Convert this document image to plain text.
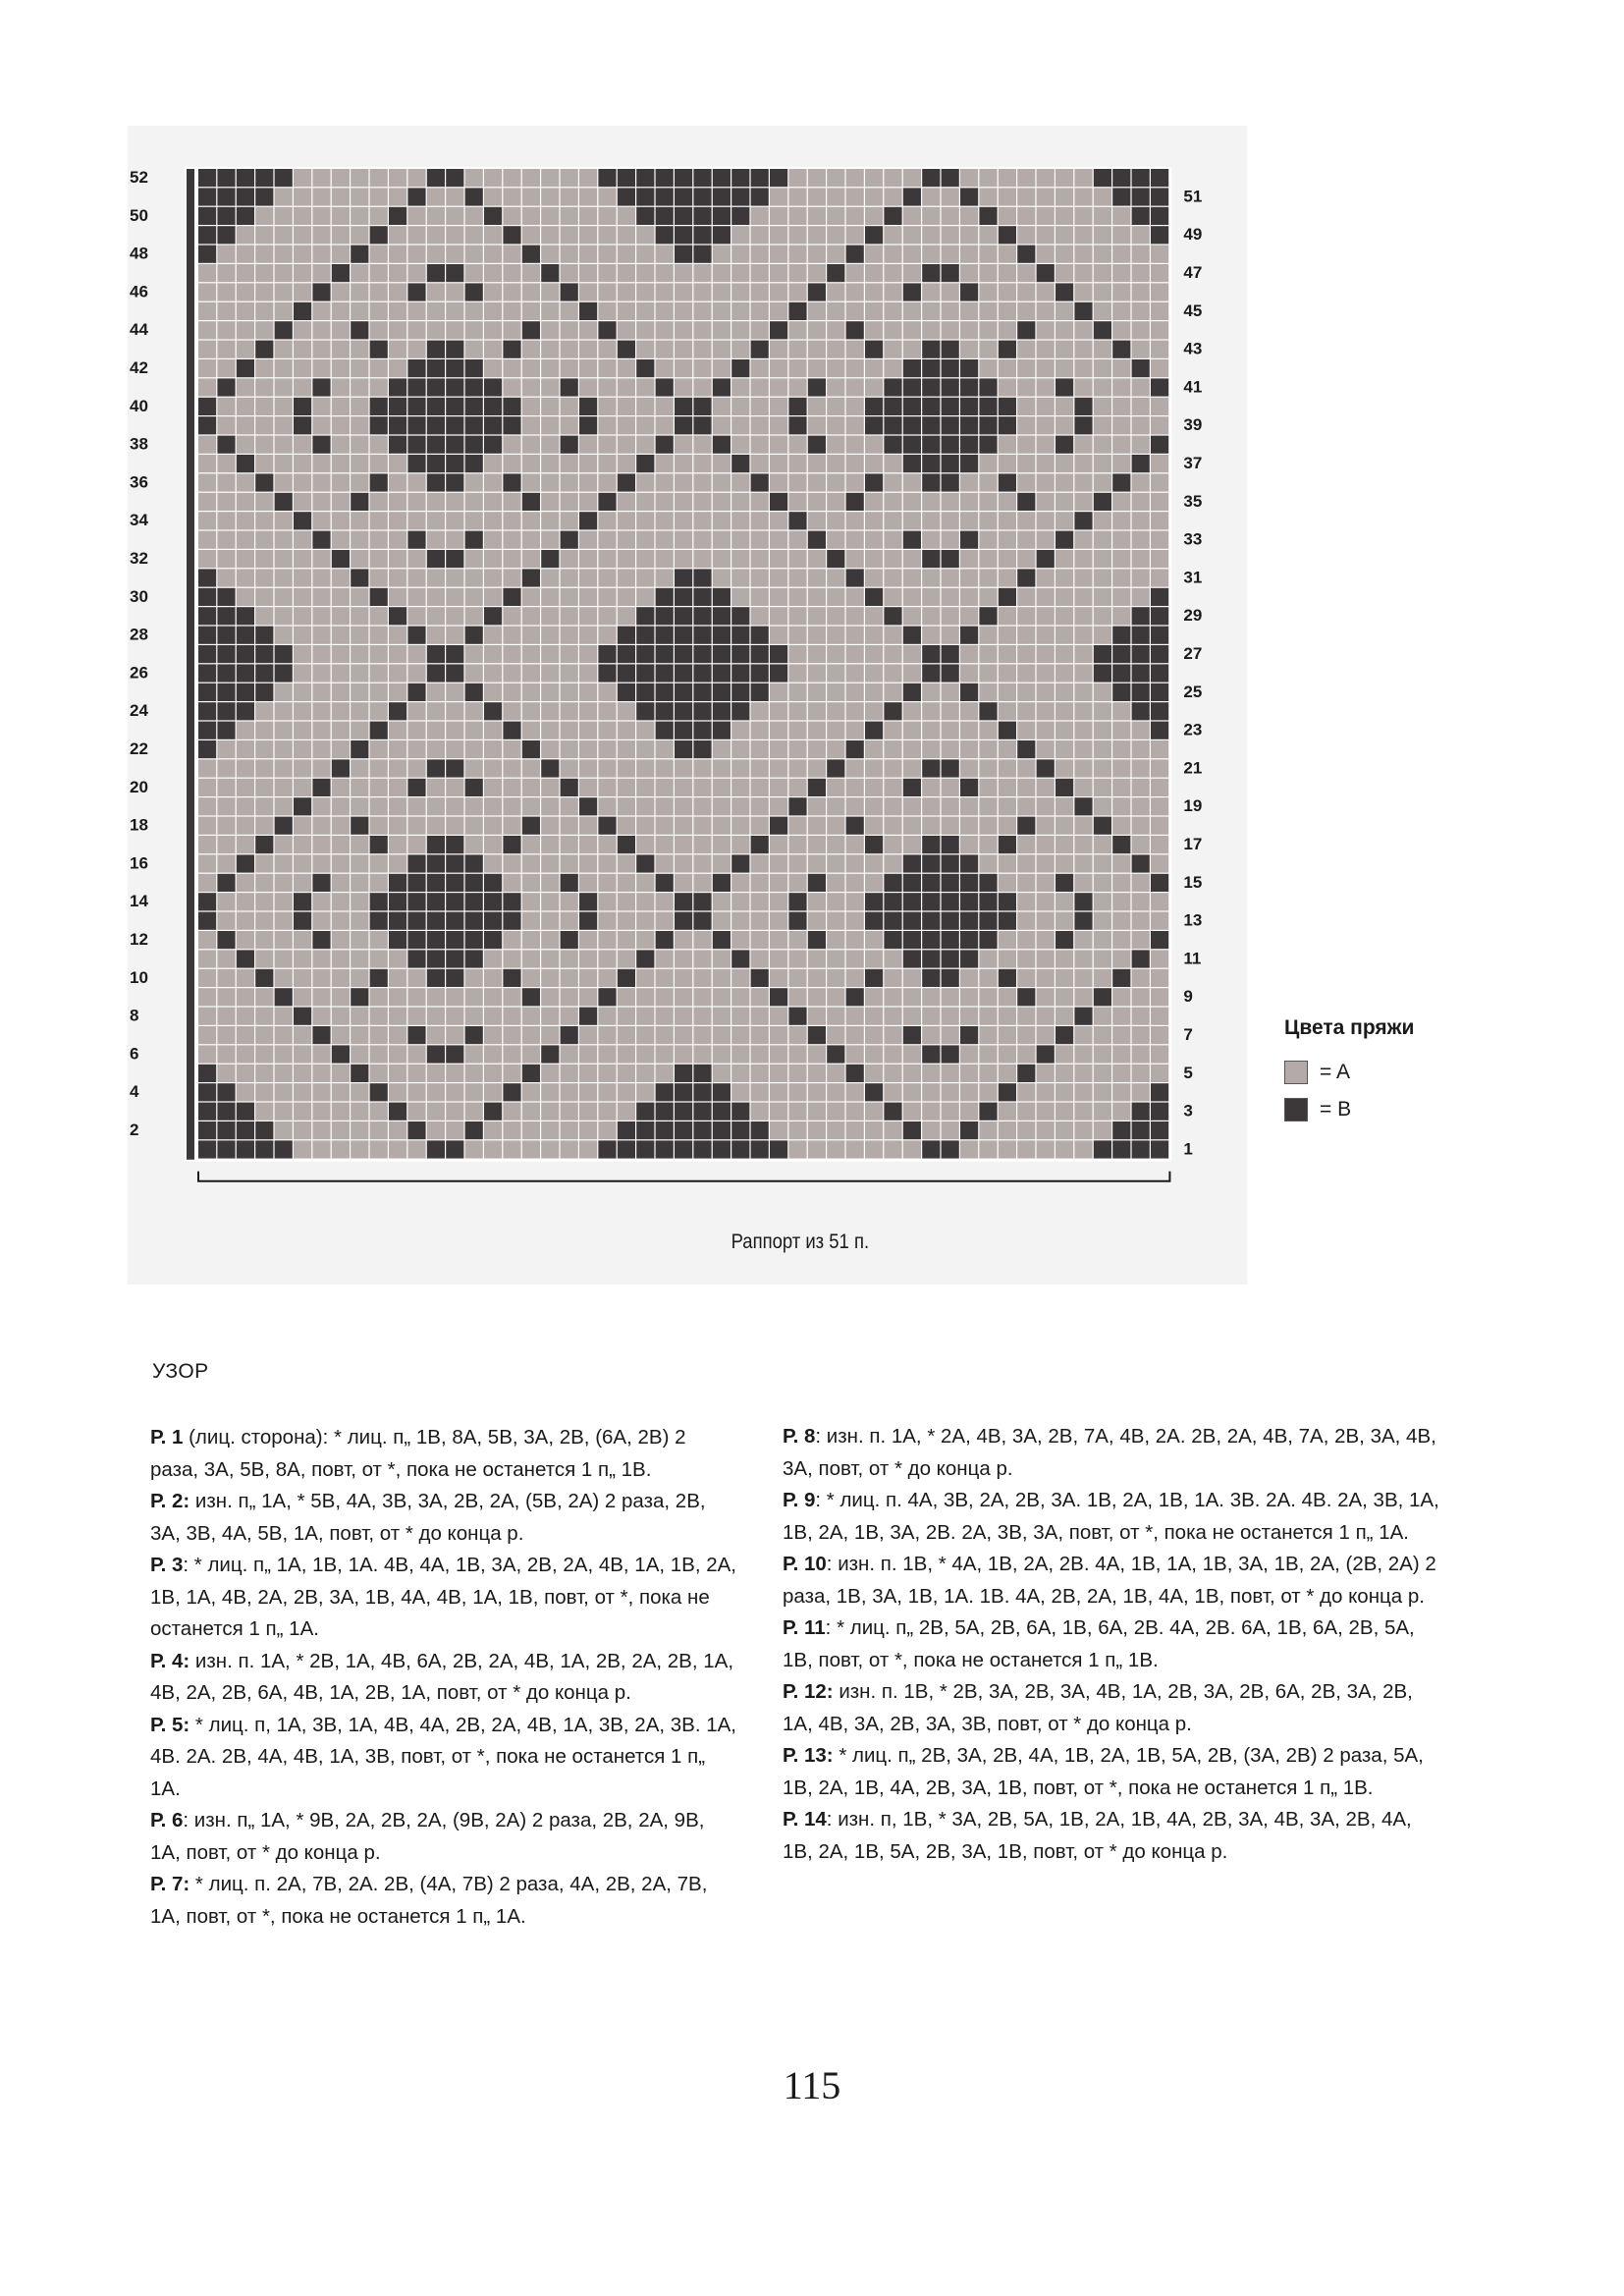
52
50
48
46
44
42
40
38
36
34
32
30
28
26
24
22
20
18
16
14
12
10
8
6
4
2
51
49
47
45
43
41
39
37
35
33
31
29
27
25
23
21
19
17
15
13
11
9
7
5
3
1
Цвета пряжи
= A
= B
Раппорт из 51 п.
УЗОР

Р. 1 (лиц. сторона): * лиц. п„ 1В, 8А, 5В, 3А, 2В, (6А, 2В) 2 раза, 3А, 5В, 8А, повт, от *, пока не останется 1 п„ 1В.

Р. 2: изн. п„ 1А, * 5В, 4А, 3В, 3А, 2В, 2А, (5В, 2А) 2 раза, 2В, 3А, 3В, 4А, 5В, 1А, повт, от * до конца р.

Р. 3: * лиц. п„ 1А, 1В, 1А. 4В, 4А, 1В, 3А, 2В, 2А, 4В, 1А, 1В, 2А, 1В, 1А, 4В, 2А, 2В, 3А, 1В, 4А, 4В, 1А, 1В, повт, от *, пока не останется 1 п„ 1А.

Р. 4: изн. п. 1А, * 2В, 1А, 4В, 6А, 2В, 2А, 4В, 1А, 2В, 2А, 2В, 1А, 4В, 2А, 2В, 6А, 4В, 1А, 2В, 1А, повт, от * до конца р.

Р. 5: * лиц. п, 1А, 3В, 1А, 4В, 4А, 2В, 2А, 4В, 1А, 3В, 2А, 3В. 1А, 4В. 2А. 2В, 4А, 4В, 1А, 3В, повт, от *, пока не останется 1 п„ 1А.

Р. 6: изн. п„ 1А, * 9В, 2А, 2В, 2А, (9В, 2А) 2 раза, 2В, 2А, 9В, 1А, повт, от * до конца р.

Р. 7: * лиц. п. 2А, 7В, 2А. 2В, (4А, 7В) 2 раза, 4А, 2В, 2А, 7В, 1А, повт, от *, пока не останется 1 п„ 1А.

Р. 8: изн. п. 1А, * 2А, 4В, 3А, 2В, 7А, 4В, 2А. 2В, 2А, 4В, 7А, 2В, 3А, 4В, 3А, повт, от * до конца р.

Р. 9: * лиц. п. 4А, 3В, 2А, 2В, 3А. 1В, 2А, 1В, 1А. 3В. 2А. 4В. 2А, 3В, 1А, 1В, 2А, 1В, 3А, 2В. 2А, 3В, 3А, повт, от *, пока не останется 1 п„ 1А.

Р. 10: изн. п. 1В, * 4А, 1В, 2А, 2В. 4А, 1В, 1А, 1В, 3А, 1В, 2А, (2В, 2А) 2 раза, 1В, 3А, 1В, 1А. 1В. 4А, 2В, 2А, 1В, 4А, 1В, повт, от * до конца р.

Р. 11: * лиц. п„ 2В, 5А, 2В, 6А, 1В, 6А, 2В. 4А, 2В. 6А, 1В, 6А, 2В, 5А, 1В, повт, от *, пока не останется 1 п„ 1В.

Р. 12: изн. п. 1В, * 2В, 3А, 2В, 3А, 4В, 1А, 2В, 3А, 2В, 6А, 2В, 3А, 2В, 1А, 4В, 3А, 2В, 3А, 3В, повт, от * до конца р.

Р. 13: * лиц. п„ 2В, 3А, 2В, 4А, 1В, 2А, 1В, 5А, 2В, (3А, 2В) 2 раза, 5А, 1В, 2А, 1В, 4А, 2В, 3А, 1В, повт, от *, пока не останется 1 п„ 1В.

Р. 14: изн. п, 1В, * 3А, 2В, 5А, 1В, 2А, 1В, 4А, 2В, 3А, 4В, 3А, 2В, 4А, 1В, 2А, 1В, 5А, 2В, 3А, 1В, повт, от * до конца р.

115
